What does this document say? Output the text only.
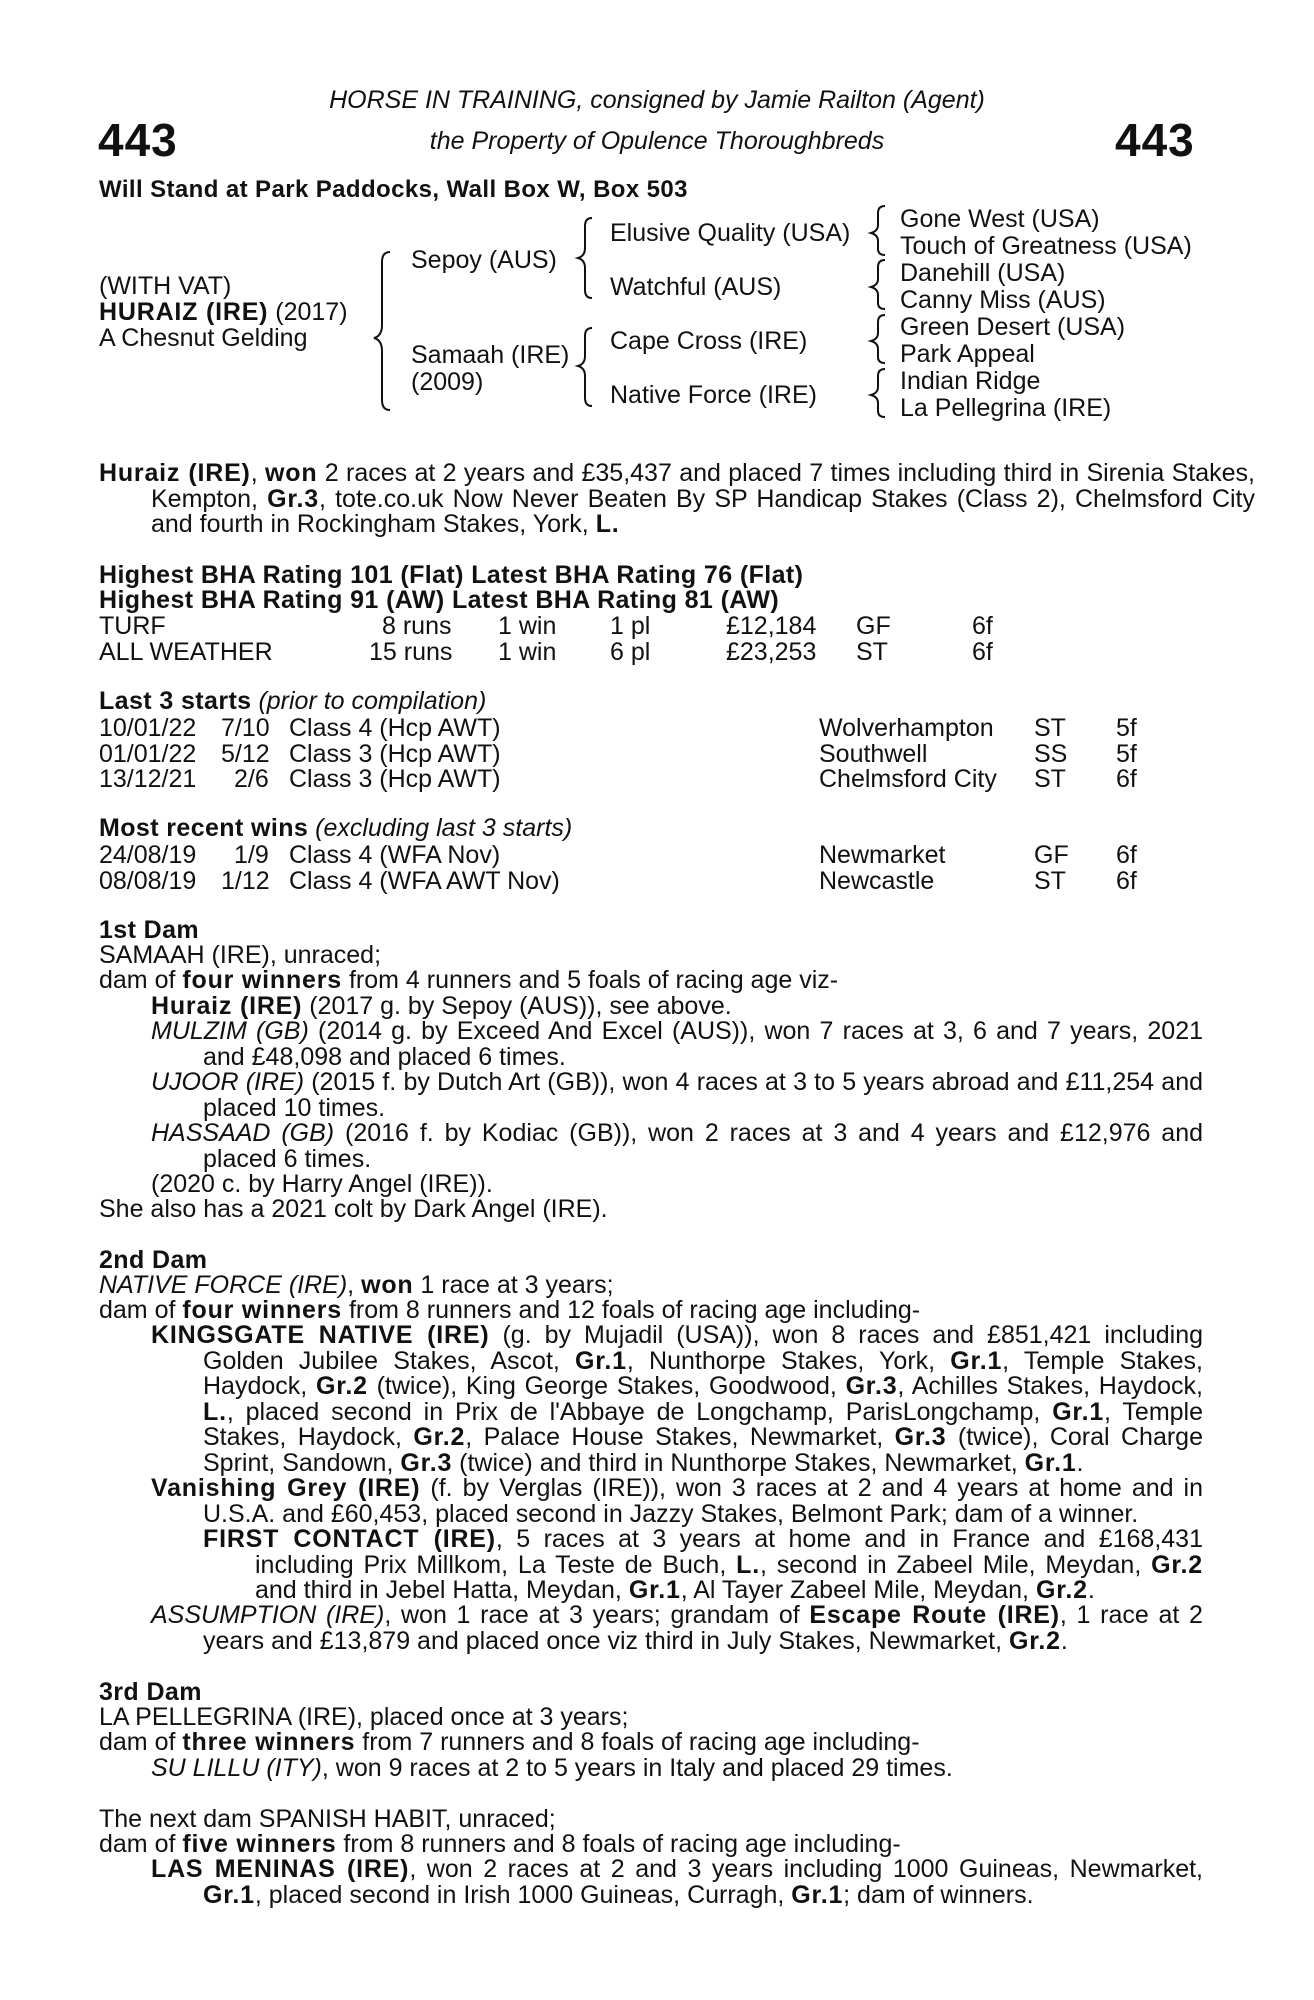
HORSE IN TRAINING, consigned by Jamie Railton (Agent)
the Property of Opulence Thoroughbreds
443	443
Will Stand at Park Paddocks, Wall Box W, Box 503
(WITH VAT)
HURAIZ (IRE) (2017)
A Chesnut Gelding
Sepoy (AUS)
Samaah (IRE)
(2009)
Elusive Quality (USA)
Watchful (AUS)
Cape Cross (IRE)
Native Force (IRE)
Gone West (USA)
Touch of Greatness (USA)
Danehill (USA)
Canny Miss (AUS)
Green Desert (USA)
Park Appeal
Indian Ridge
La Pellegrina (IRE)
Huraiz (IRE), won 2 races at 2 years and £35,437 and placed 7 times including third in Sirenia Stakes, Kempton, Gr.3, tote.co.uk Now Never Beaten By SP Handicap Stakes (Class 2), Chelmsford City and fourth in Rockingham Stakes, York, L.
Highest BHA Rating 101 (Flat) Latest BHA Rating 76 (Flat)
Highest BHA Rating 91 (AW) Latest BHA Rating 81 (AW)
TURF	8 runs 1 win 1 pl	£12,184 GF	6f
ALL WEATHER	15 runs 1 win 6 pl	£23,253 ST	6f
Last 3 starts (prior to compilation)
10/01/22 7/10 Class 4 (Hcp AWT)	Wolverhampton ST 5f
01/01/22 5/12 Class 3 (Hcp AWT)	Southwell	SS 5f
13/12/21 2/6 Class 3 (Hcp AWT)	Chelmsford City ST 6f
Most recent wins (excluding last 3 starts)
24/08/19 1/9 Class 4 (WFA Nov)	Newmarket	GF 6f
08/08/19 1/12 Class 4 (WFA AWT Nov)	Newcastle	ST 6f
1st Dam
SAMAAH (IRE), unraced;
dam of four winners from 4 runners and 5 foals of racing age viz-
Huraiz (IRE) (2017 g. by Sepoy (AUS)), see above.
MULZIM (GB) (2014 g. by Exceed And Excel (AUS)), won 7 races at 3, 6 and 7 years, 2021 and £48,098 and placed 6 times.
UJOOR (IRE) (2015 f. by Dutch Art (GB)), won 4 races at 3 to 5 years abroad and £11,254 and placed 10 times.
HASSAAD (GB) (2016 f. by Kodiac (GB)), won 2 races at 3 and 4 years and £12,976 and placed 6 times.
(2020 c. by Harry Angel (IRE)).
She also has a 2021 colt by Dark Angel (IRE).
2nd Dam
NATIVE FORCE (IRE), won 1 race at 3 years;
dam of four winners from 8 runners and 12 foals of racing age including-
KINGSGATE NATIVE (IRE) (g. by Mujadil (USA)), won 8 races and £851,421 including Golden Jubilee Stakes, Ascot, Gr.1, Nunthorpe Stakes, York, Gr.1, Temple Stakes, Haydock, Gr.2 (twice), King George Stakes, Goodwood, Gr.3, Achilles Stakes, Haydock, L., placed second in Prix de l'Abbaye de Longchamp, ParisLongchamp, Gr.1, Temple Stakes, Haydock, Gr.2, Palace House Stakes, Newmarket, Gr.3 (twice), Coral Charge Sprint, Sandown, Gr.3 (twice) and third in Nunthorpe Stakes, Newmarket, Gr.1.
Vanishing Grey (IRE) (f. by Verglas (IRE)), won 3 races at 2 and 4 years at home and in U.S.A. and £60,453, placed second in Jazzy Stakes, Belmont Park; dam of a winner.
FIRST CONTACT (IRE), 5 races at 3 years at home and in France and £168,431 including Prix Millkom, La Teste de Buch, L., second in Zabeel Mile, Meydan, Gr.2 and third in Jebel Hatta, Meydan, Gr.1, Al Tayer Zabeel Mile, Meydan, Gr.2.
ASSUMPTION (IRE), won 1 race at 3 years; grandam of Escape Route (IRE), 1 race at 2 years and £13,879 and placed once viz third in July Stakes, Newmarket, Gr.2.
3rd Dam
LA PELLEGRINA (IRE), placed once at 3 years;
dam of three winners from 7 runners and 8 foals of racing age including-
SU LILLU (ITY), won 9 races at 2 to 5 years in Italy and placed 29 times.
The next dam SPANISH HABIT, unraced;
dam of five winners from 8 runners and 8 foals of racing age including-
LAS MENINAS (IRE), won 2 races at 2 and 3 years including 1000 Guineas, Newmarket, Gr.1, placed second in Irish 1000 Guineas, Curragh, Gr.1; dam of winners.
